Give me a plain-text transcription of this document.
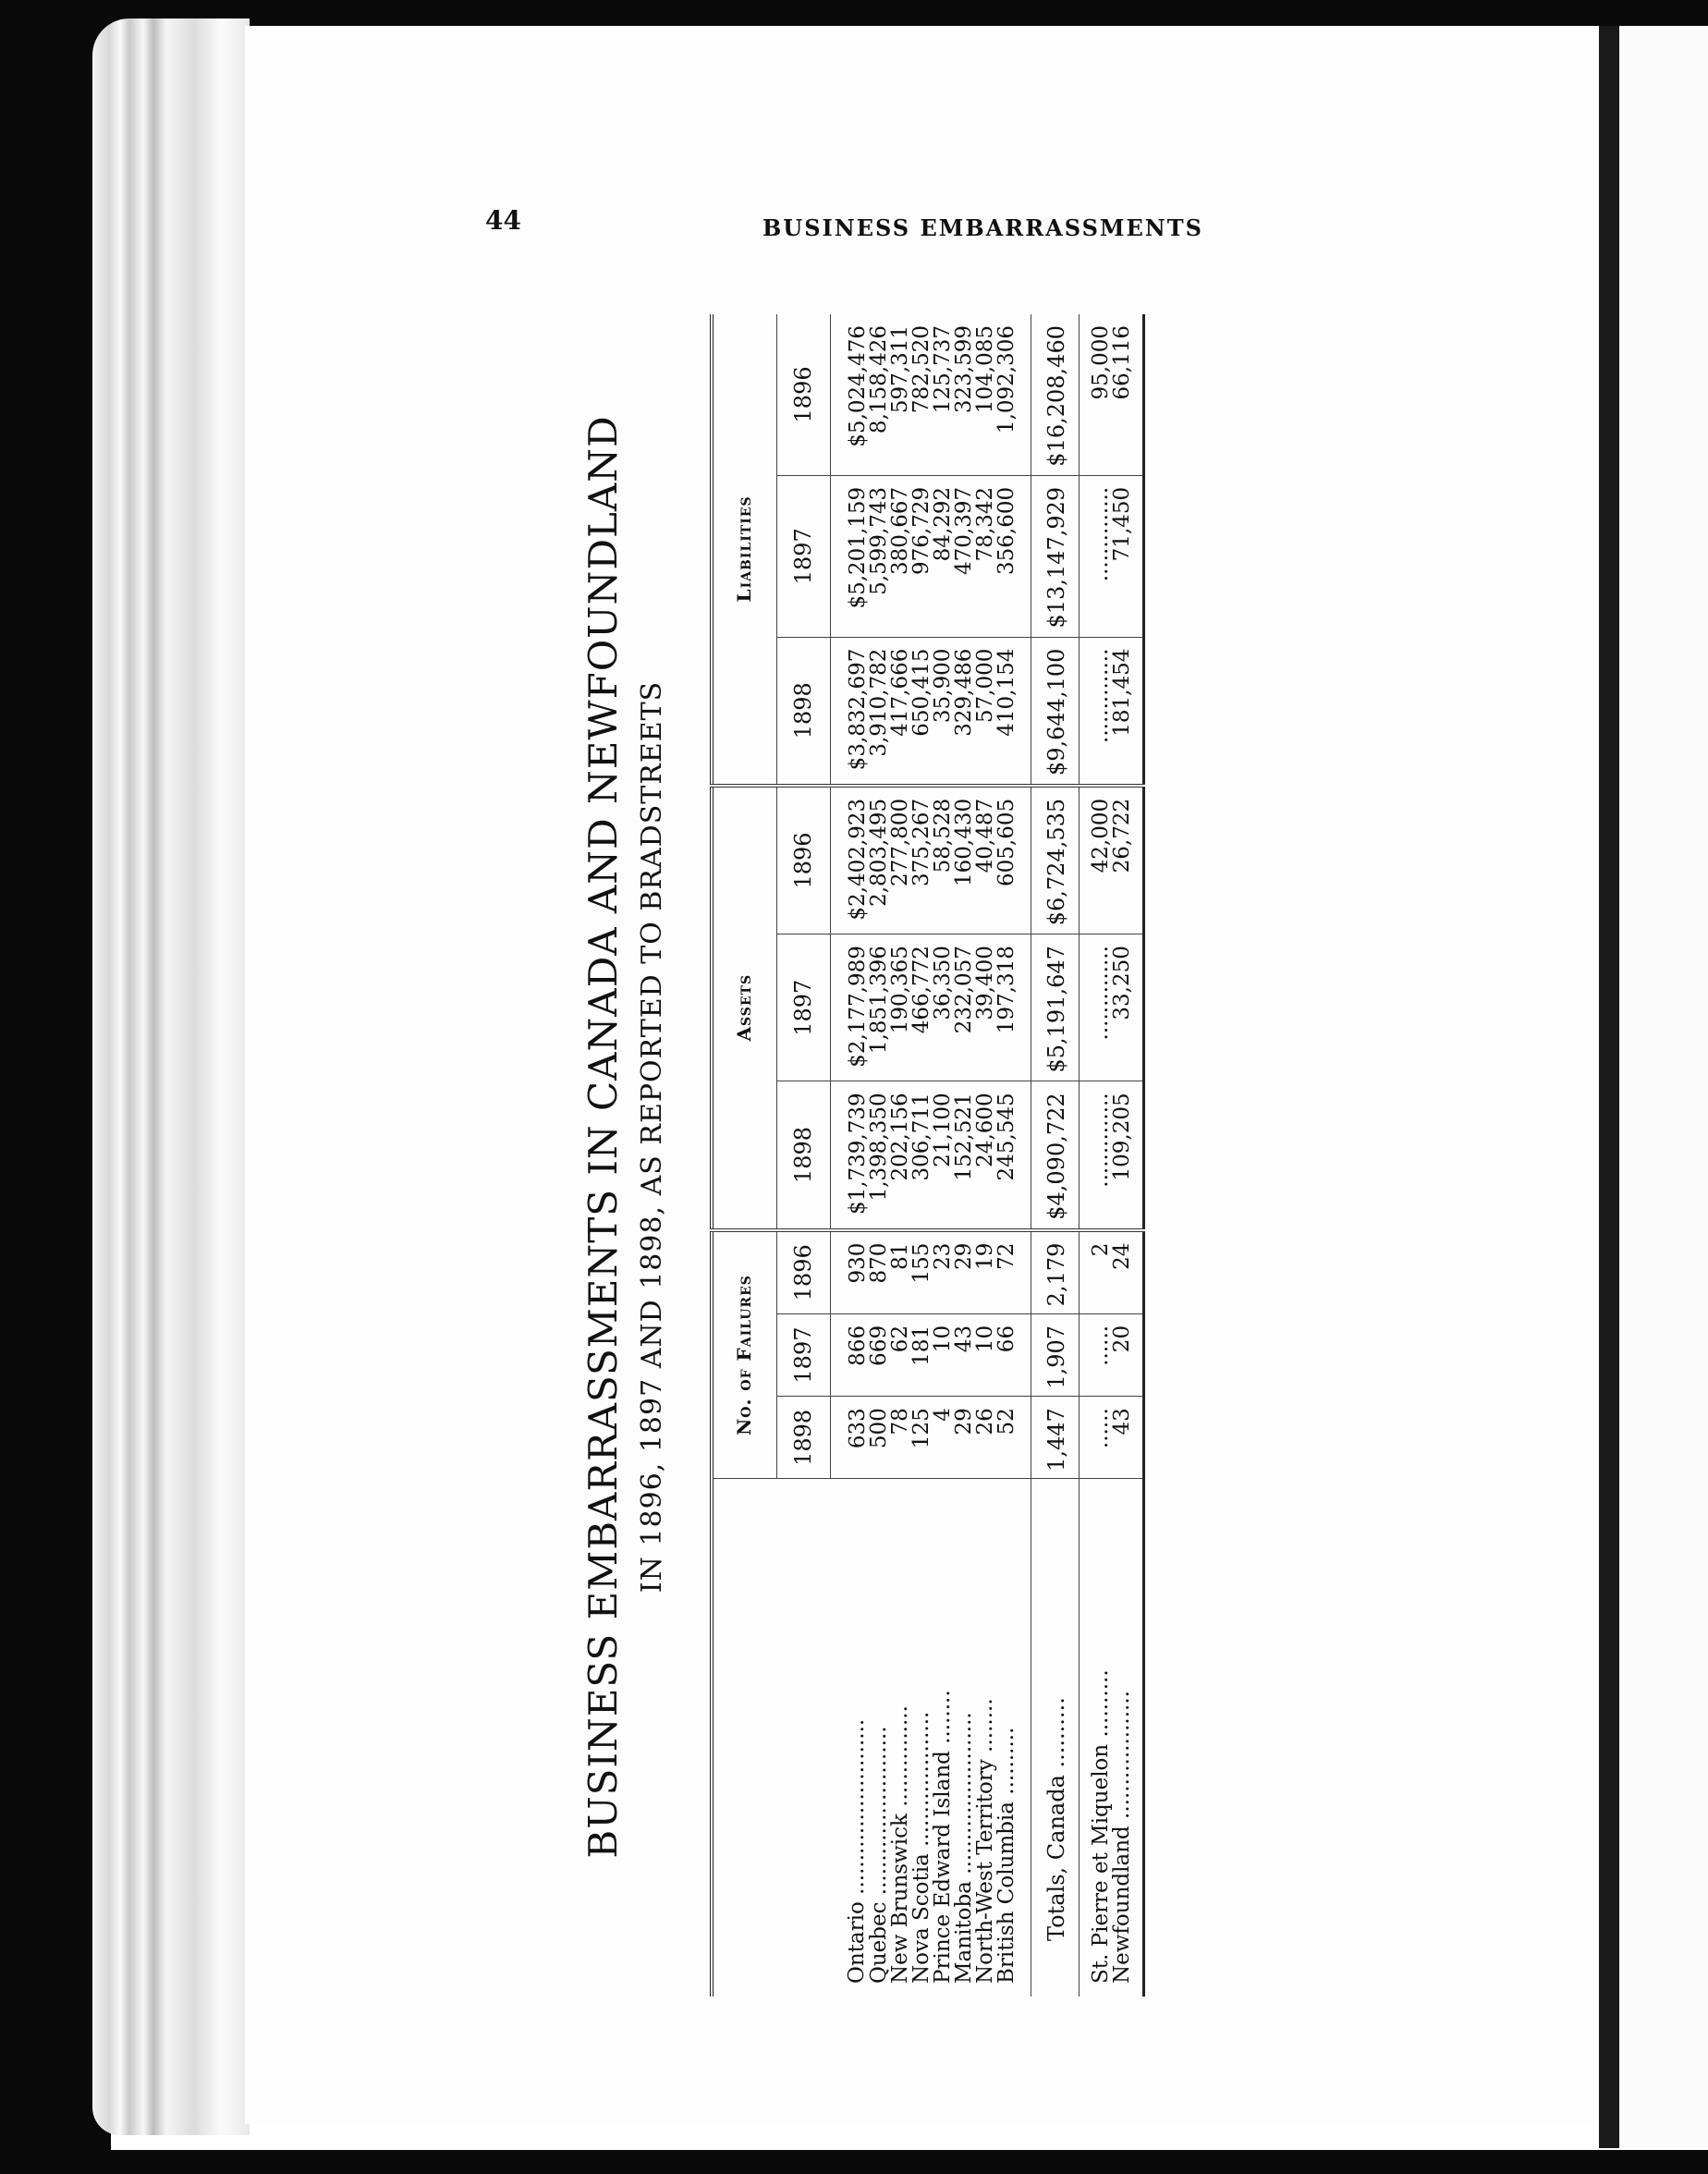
44	BUSINESS EMBARRASSMENTS
BUSINESS EMBARRASSMENTS IN CANADA AND NEWFOUNDLAND IN 1896, 1897 AND 1898, AS REPORTED TO BRADSTREETS
		No. of Failures			Assets			Liabilities		
	1898	1897	1896	1898	1897	1896	1898	1897	1896
Ontario ..........................	633	866	930	$1,739,739	$2,177,989	$2,402,923	$3,832,697	$5,201,159	$5,024,476
Quebec .........................	500	669	870	1,398,350	1,851,396	2,803,495	3,910,782	5,599,743	8,158,426
New Brunswick ...............	78	62	81	202,156	190,365	277,800	417,666	380,667	597,311
Nova Scotia ....................	125	181	155	306,711	466,772	375,267	650,415	976,729	782,520
Prince Edward Island ........	4	10	23	21,100	36,350	58,528	35,900	84,292	125,737
Manitoba ........................	29	43	29	152,521	232,057	160,430	329,486	470,397	323,599
North-West Territory ........	26	10	19	24,600	39,400	40,487	57,000	78,342	104,085
British Columbia ..........	52	66	72	245,545	197,318	605,605	410,154	356,600	1,092,306
Totals, Canada ..........	1,447	1,907	2,179	$4,090,722	$5,191,647	$6,724,535	$9,644,100	$13,147,929	$16,208,460
St. Pierre et Miquelon ..........	......	......	2	..............	..............	42,000	..............	..............	95,000
Newfoundland ...................	43	20	24	109,205	33,250	26,722	181,454	71,450	66,116
